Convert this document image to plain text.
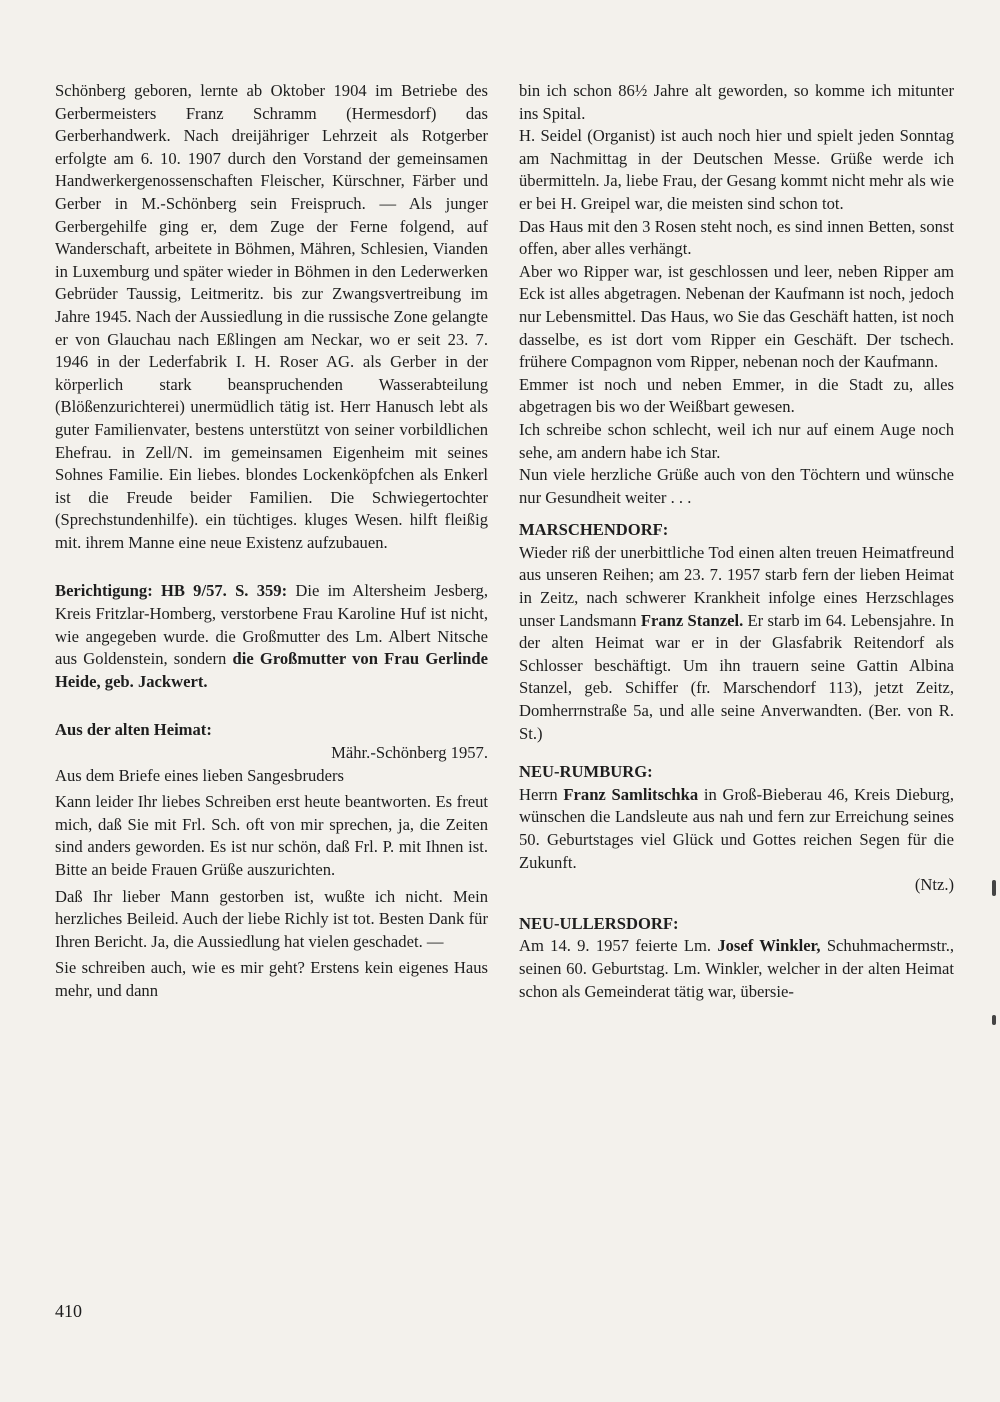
Schönberg geboren, lernte ab Oktober 1904 im Betriebe des Gerbermeisters Franz Schramm (Hermesdorf) das Gerberhandwerk. Nach dreijähriger Lehrzeit als Rotgerber erfolgte am 6. 10. 1907 durch den Vorstand der gemeinsamen Handwerkergenossenschaften Fleischer, Kürschner, Färber und Gerber in M.-Schönberg sein Freispruch. — Als junger Gerbergehilfe ging er, dem Zuge der Ferne folgend, auf Wanderschaft, arbeitete in Böhmen, Mähren, Schlesien, Vianden in Luxemburg und später wieder in Böhmen in den Lederwerken Gebrüder Taussig, Leitmeritz. bis zur Zwangsvertreibung im Jahre 1945. Nach der Aussiedlung in die russische Zone gelangte er von Glauchau nach Eßlingen am Neckar, wo er seit 23. 7. 1946 in der Lederfabrik I. H. Roser AG. als Gerber in der körperlich stark beanspruchenden Wasserabteilung (Blößenzurichterei) unermüdlich tätig ist. Herr Hanusch lebt als guter Familienvater, bestens unterstützt von seiner vorbildlichen Ehefrau. in Zell/N. im gemeinsamen Eigenheim mit seines Sohnes Familie. Ein liebes. blondes Lockenköpfchen als Enkerl ist die Freude beider Familien. Die Schwiegertochter (Sprechstundenhilfe). ein tüchtiges. kluges Wesen. hilft fleißig mit. ihrem Manne eine neue Existenz aufzubauen.

Berichtigung: HB 9/57. S. 359: Die im Altersheim Jesberg, Kreis Fritzlar-Homberg, verstorbene Frau Karoline Huf ist nicht, wie angegeben wurde. die Großmutter des Lm. Albert Nitsche aus Goldenstein, sondern die Großmutter von Frau Gerlinde Heide, geb. Jackwert.

Aus der alten Heimat:

Mähr.-Schönberg 1957.

Aus dem Briefe eines lieben Sangesbruders

Kann leider Ihr liebes Schreiben erst heute beantworten. Es freut mich, daß Sie mit Frl. Sch. oft von mir sprechen, ja, die Zeiten sind anders geworden. Es ist nur schön, daß Frl. P. mit Ihnen ist. Bitte an beide Frauen Grüße auszurichten.

Daß Ihr lieber Mann gestorben ist, wußte ich nicht. Mein herzliches Beileid. Auch der liebe Richly ist tot. Besten Dank für Ihren Bericht. Ja, die Aussiedlung hat vielen geschadet. —

Sie schreiben auch, wie es mir geht? Erstens kein eigenes Haus mehr, und dann

bin ich schon 86½ Jahre alt geworden, so komme ich mitunter ins Spital.

H. Seidel (Organist) ist auch noch hier und spielt jeden Sonntag am Nachmittag in der Deutschen Messe. Grüße werde ich übermitteln. Ja, liebe Frau, der Gesang kommt nicht mehr als wie er bei H. Greipel war, die meisten sind schon tot.

Das Haus mit den 3 Rosen steht noch, es sind innen Betten, sonst offen, aber alles verhängt.

Aber wo Ripper war, ist geschlossen und leer, neben Ripper am Eck ist alles abgetragen. Nebenan der Kaufmann ist noch, jedoch nur Lebensmittel. Das Haus, wo Sie das Geschäft hatten, ist noch dasselbe, es ist dort vom Ripper ein Geschäft. Der tschech. frühere Compagnon vom Ripper, nebenan noch der Kaufmann.

Emmer ist noch und neben Emmer, in die Stadt zu, alles abgetragen bis wo der Weißbart gewesen.

Ich schreibe schon schlecht, weil ich nur auf einem Auge noch sehe, am andern habe ich Star.

Nun viele herzliche Grüße auch von den Töchtern und wünsche nur Gesundheit weiter . . .

MARSCHENDORF:

Wieder riß der unerbittliche Tod einen alten treuen Heimatfreund aus unseren Reihen; am 23. 7. 1957 starb fern der lieben Heimat in Zeitz, nach schwerer Krankheit infolge eines Herzschlages unser Landsmann Franz Stanzel. Er starb im 64. Lebensjahre. In der alten Heimat war er in der Glasfabrik Reitendorf als Schlosser beschäftigt. Um ihn trauern seine Gattin Albina Stanzel, geb. Schiffer (fr. Marschendorf 113), jetzt Zeitz, Domherrnstraße 5a, und alle seine Anverwandten. (Ber. von R. St.)

NEU-RUMBURG:

Herrn Franz Samlitschka in Groß-Bieberau 46, Kreis Dieburg, wünschen die Landsleute aus nah und fern zur Erreichung seines 50. Geburtstages viel Glück und Gottes reichen Segen für die Zukunft.

(Ntz.)

NEU-ULLERSDORF:

Am 14. 9. 1957 feierte Lm. Josef Winkler, Schuhmachermstr., seinen 60. Geburtstag. Lm. Winkler, welcher in der alten Heimat schon als Gemeinderat tätig war, übersie-

410
